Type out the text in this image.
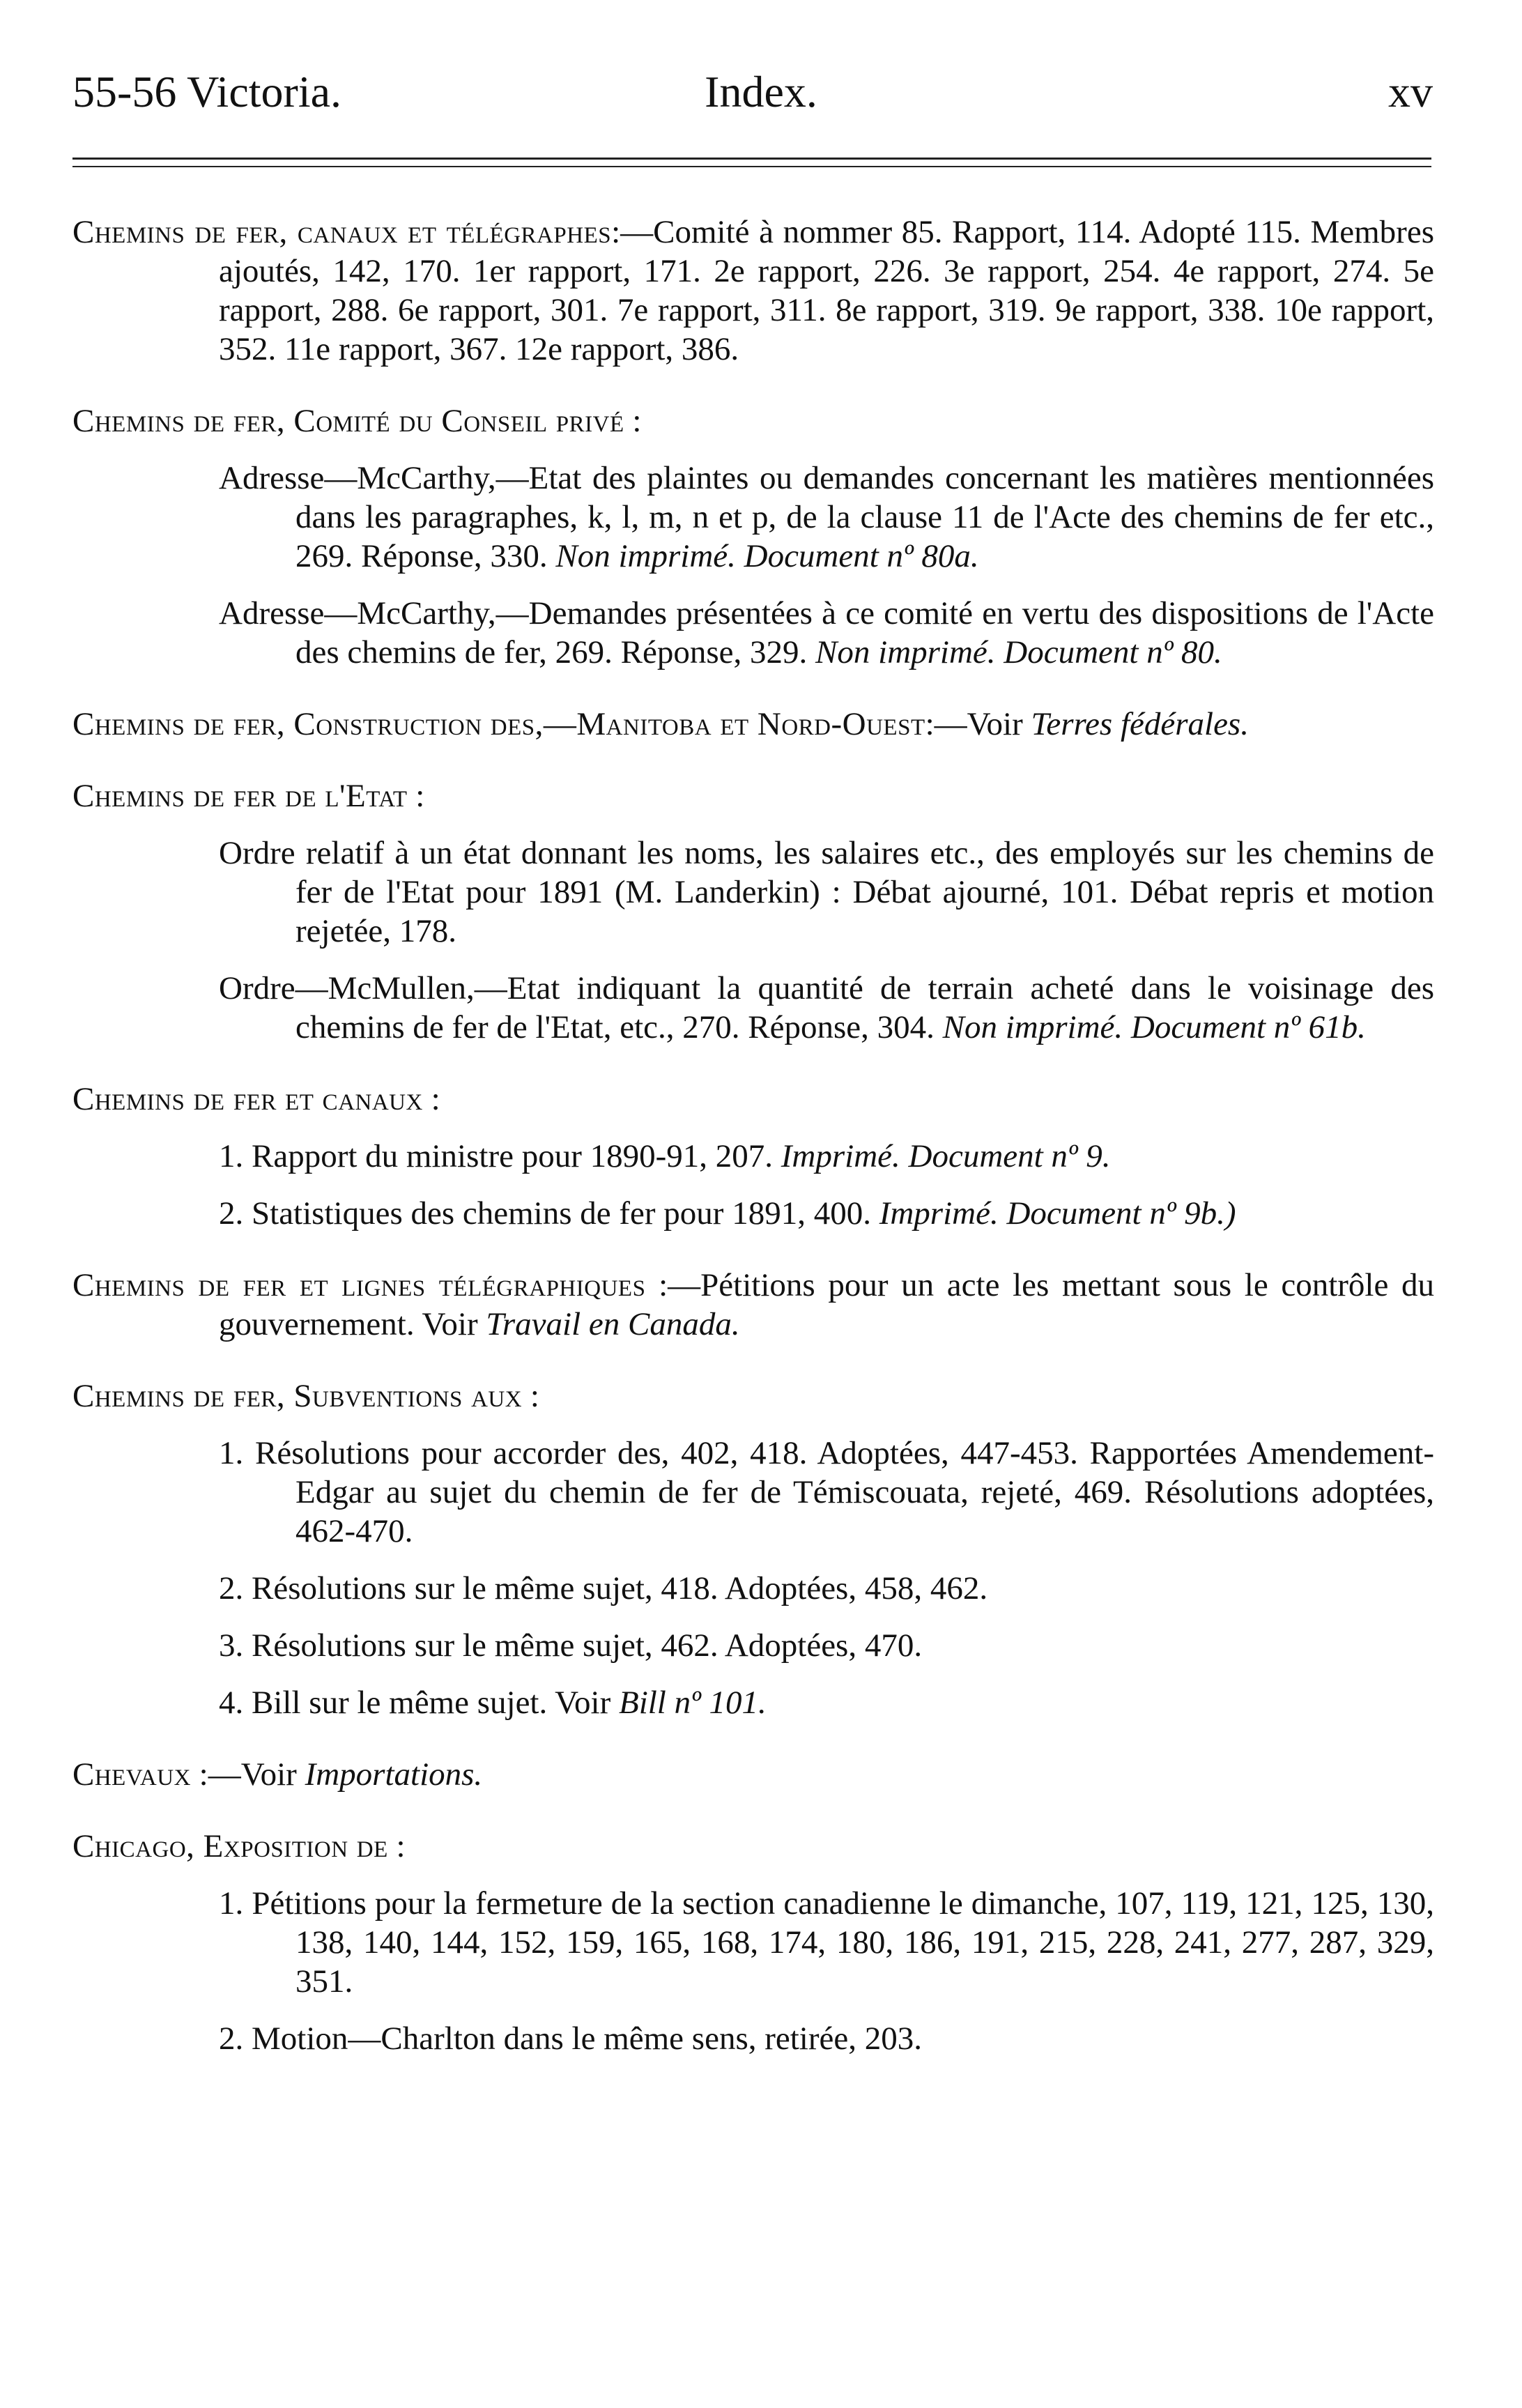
55-56 Victoria.	Index.	xv

Chemins de fer, canaux et télégraphes:—Comité à nommer 85. Rapport, 114. Adopté 115. Membres ajoutés, 142, 170. 1er rapport, 171. 2e rapport, 226. 3e rapport, 254. 4e rapport, 274. 5e rapport, 288. 6e rapport, 301. 7e rapport, 311. 8e rapport, 319. 9e rapport, 338. 10e rapport, 352. 11e rapport, 367. 12e rapport, 386.

Chemins de fer, Comité du Conseil privé :

Adresse—McCarthy,—Etat des plaintes ou demandes concernant les matières mentionnées dans les paragraphes, k, l, m, n et p, de la clause 11 de l'Acte des chemins de fer etc., 269. Réponse, 330. Non imprimé. Document nº 80a.

Adresse—McCarthy,—Demandes présentées à ce comité en vertu des dispositions de l'Acte des chemins de fer, 269. Réponse, 329. Non imprimé. Document nº 80.

Chemins de fer, Construction des,—Manitoba et Nord-Ouest:—Voir Terres fédérales.

Chemins de fer de l'Etat :

Ordre relatif à un état donnant les noms, les salaires etc., des employés sur les chemins de fer de l'Etat pour 1891 (M. Landerkin) : Débat ajourné, 101. Débat repris et motion rejetée, 178.

Ordre—McMullen,—Etat indiquant la quantité de terrain acheté dans le voisinage des chemins de fer de l'Etat, etc., 270. Réponse, 304. Non imprimé. Document nº 61b.

Chemins de fer et canaux :

1. Rapport du ministre pour 1890-91, 207. Imprimé. Document nº 9.

2. Statistiques des chemins de fer pour 1891, 400. Imprimé. Document nº 9b.)

Chemins de fer et lignes télégraphiques :—Pétitions pour un acte les mettant sous le contrôle du gouvernement. Voir Travail en Canada.

Chemins de fer, Subventions aux :

1. Résolutions pour accorder des, 402, 418. Adoptées, 447-453. Rapportées Amendement-Edgar au sujet du chemin de fer de Témiscouata, rejeté, 469. Résolutions adoptées, 462-470.

2. Résolutions sur le même sujet, 418. Adoptées, 458, 462.

3. Résolutions sur le même sujet, 462. Adoptées, 470.

4. Bill sur le même sujet. Voir Bill nº 101.

Chevaux :—Voir Importations.

Chicago, Exposition de :

1. Pétitions pour la fermeture de la section canadienne le dimanche, 107, 119, 121, 125, 130, 138, 140, 144, 152, 159, 165, 168, 174, 180, 186, 191, 215, 228, 241, 277, 287, 329, 351.

2. Motion—Charlton dans le même sens, retirée, 203.
